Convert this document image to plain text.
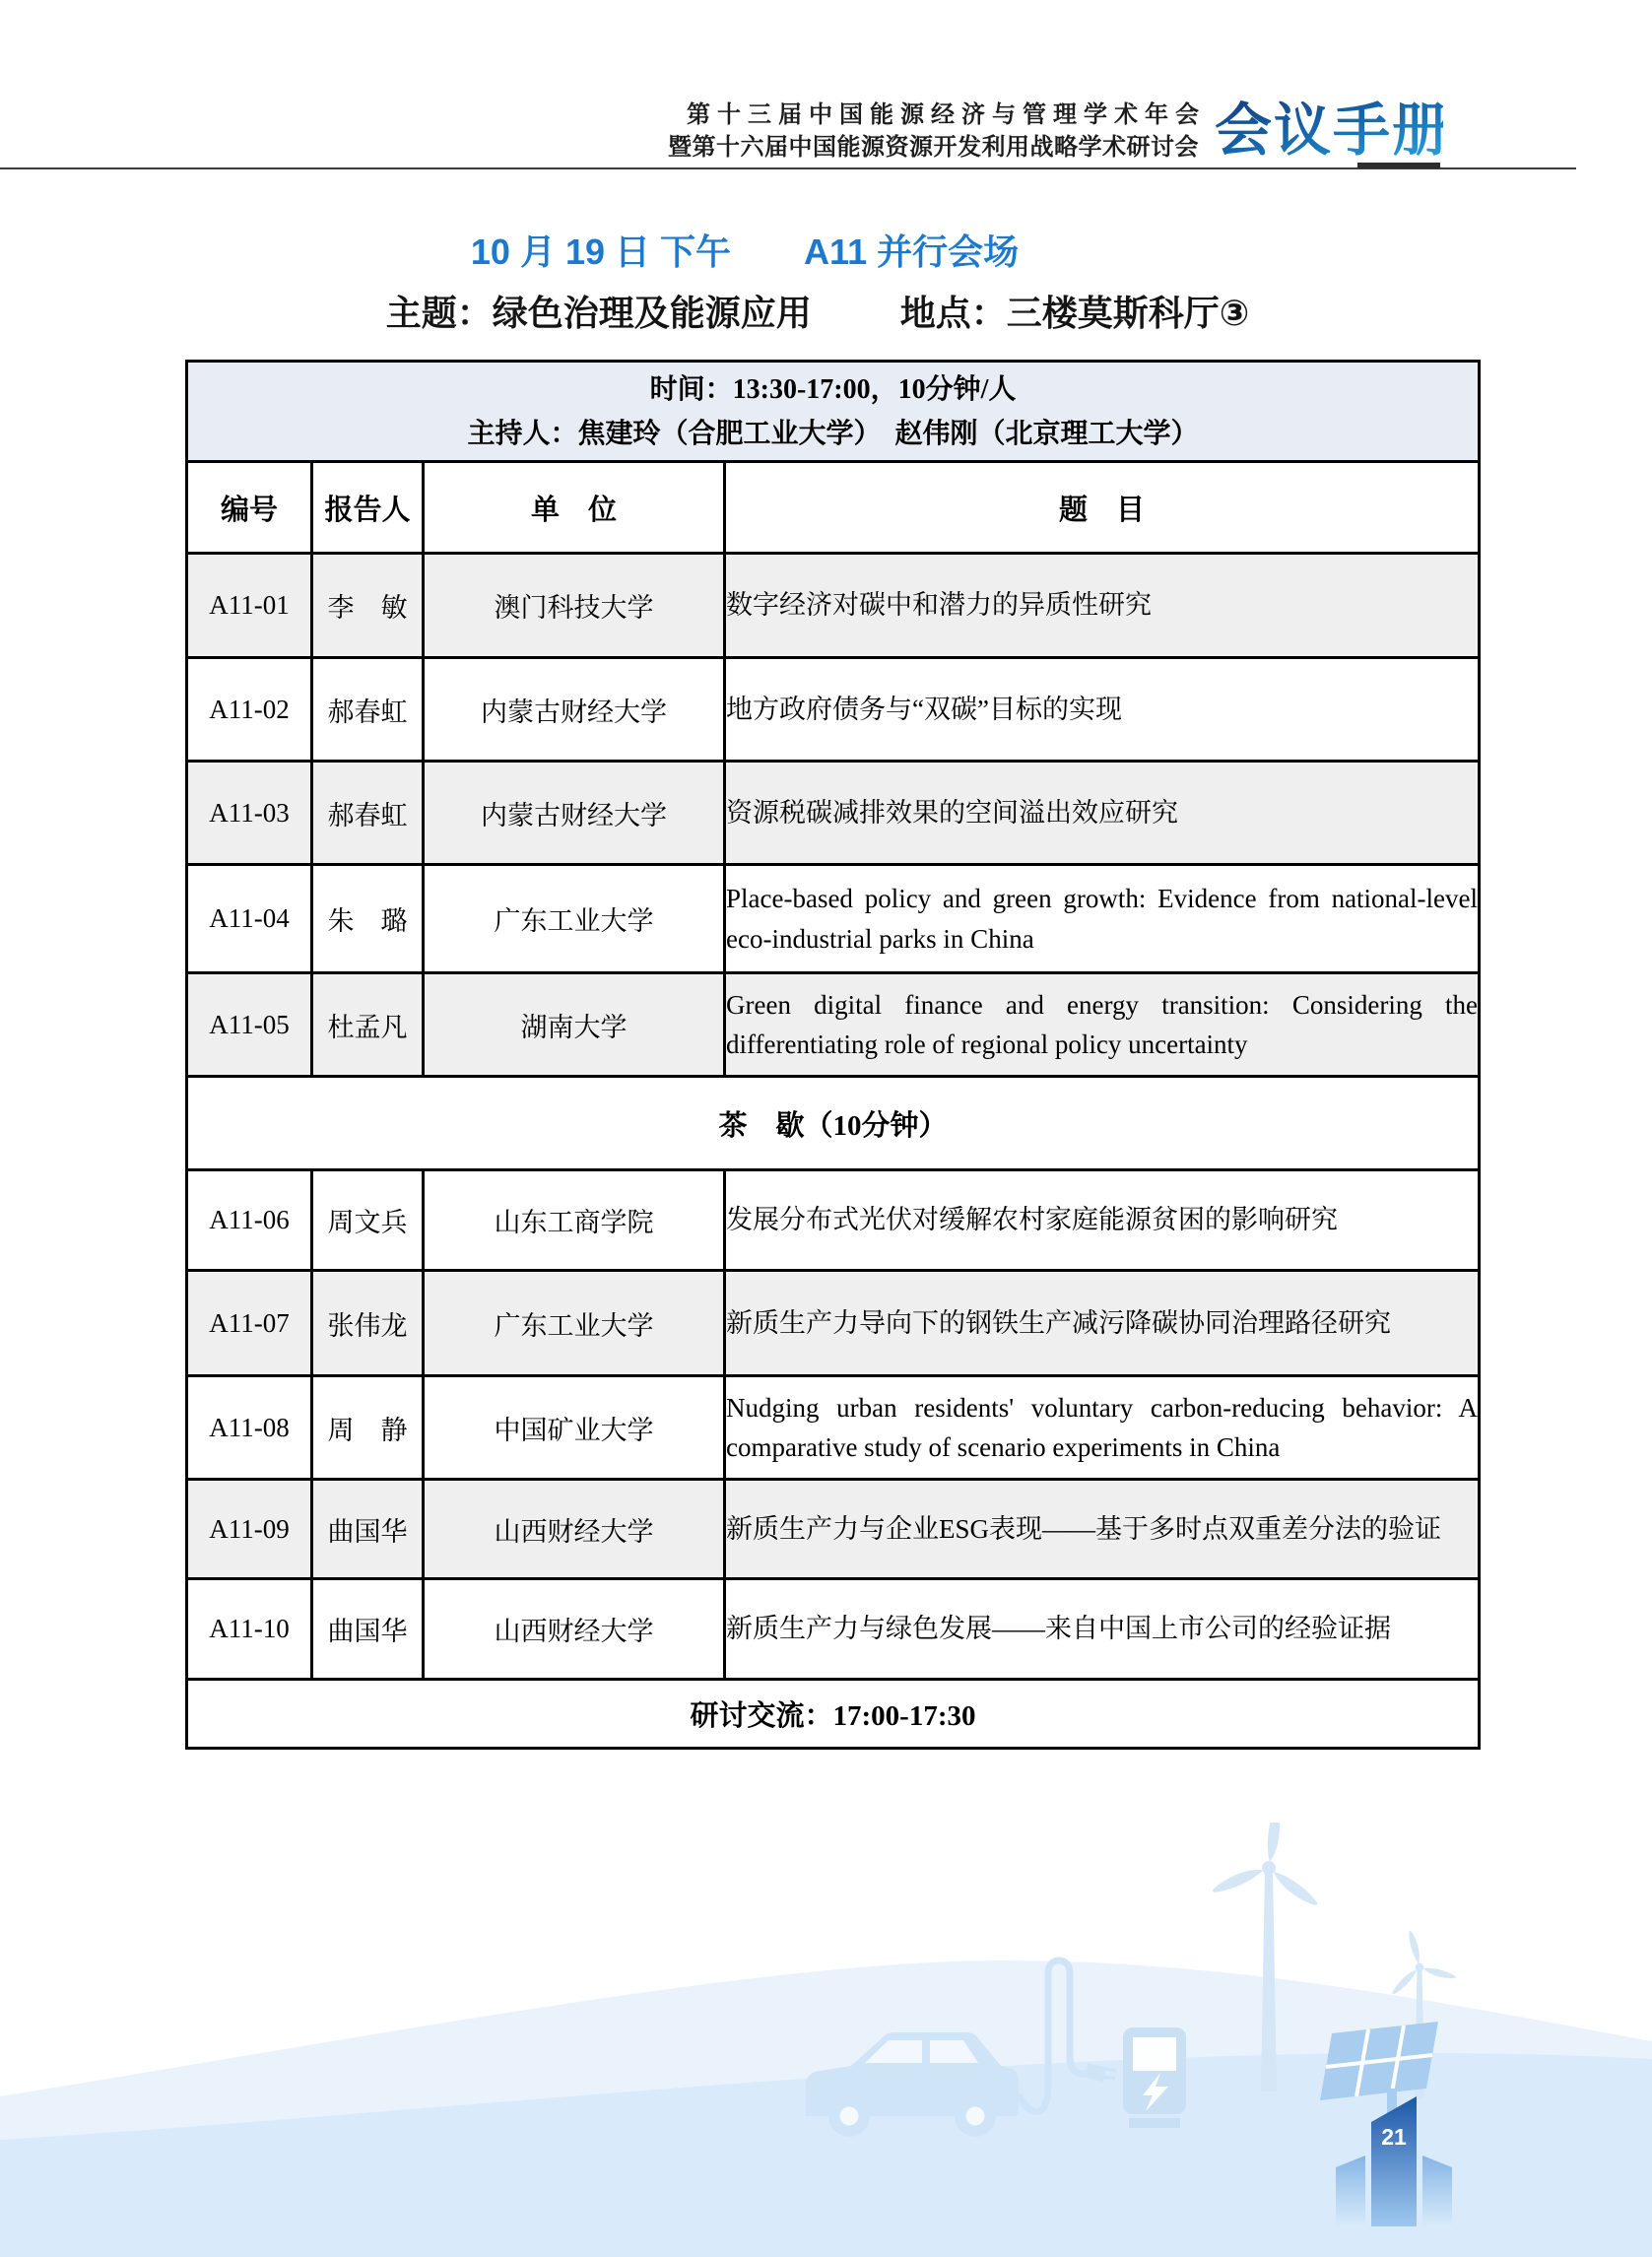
第十三届中国能源经济与管理学术年会
暨第十六届中国能源资源开发利用战略学术研讨会 会议手册
10 月 19 日 下午 A11 并行会场
主题：绿色治理及能源应用	地点：三楼莫斯科厅③
时间：13:30-17:00，10分钟/人
主持人：焦建玲（合肥工业大学）　赵伟刚（北京理工大学）			

编号	报告人	单　位	题　目
A11-01	李　敏	澳门科技大学	数字经济对碳中和潜力的异质性研究
A11-02	郝春虹	内蒙古财经大学	地方政府债务与“双碳”目标的实现
A11-03	郝春虹	内蒙古财经大学	资源税碳减排效果的空间溢出效应研究
A11-04	朱　璐	广东工业大学	Place-based policy and green growth: Evidence from national-level eco-industrial parks in China
A11-05	杜孟凡	湖南大学	Green digital finance and energy transition: Considering the differentiating role of regional policy uncertainty
茶　歇（10分钟）			
A11-06	周文兵	山东工商学院	发展分布式光伏对缓解农村家庭能源贫困的影响研究
A11-07	张伟龙	广东工业大学	新质生产力导向下的钢铁生产减污降碳协同治理路径研究
A11-08	周　静	中国矿业大学	Nudging urban residents' voluntary carbon-reducing behavior: A comparative study of scenario experiments in China
A11-09	曲国华	山西财经大学	新质生产力与企业ESG表现——基于多时点双重差分法的验证
A11-10	曲国华	山西财经大学	新质生产力与绿色发展——来自中国上市公司的经验证据
研讨交流：17:00-17:30			
21
